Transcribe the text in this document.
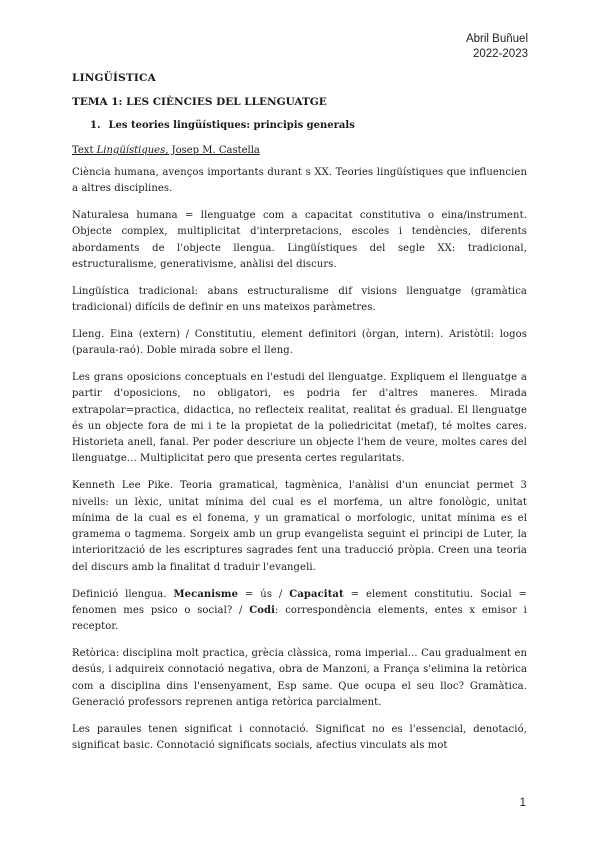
Abril Buñuel
2022-2023
LINGÜÍSTICA
TEMA 1: LES CIÈNCIES DEL LLENGUATGE
1. Les teories lingüístiques: principis generals
Text Lingüístiques, Josep M. Castella

Ciència humana, avenços importants durant s XX. Teories lingüístiques que influencien a altres disciplines.

Naturalesa humana = llenguatge com a capacitat constitutiva o eina/instrument. Objecte complex, multiplicitat d'interpretacions, escoles i tendències, diferents abordaments de l'objecte llengua. Lingüístiques del segle XX: tradicional, estructuralisme, generativisme, anàlisi del discurs.

Lingüística tradicional: abans estructuralisme dif visions llenguatge (gramàtica tradicional) difícils de definir en uns mateixos paràmetres.

Lleng. Eina (extern) / Constitutiu, element definitori (òrgan, intern). Aristòtil: logos (paraula-raó). Doble mirada sobre el lleng.

Les grans oposicions conceptuals en l'estudi del llenguatge. Expliquem el llenguatge a partir d'oposicions, no obligatori, es podria fer d'altres maneres. Mirada extrapolar=practica, didactica, no reflecteix realitat, realitat és gradual. El llenguatge és un objecte fora de mi i te la propietat de la poliedricitat (metaf), té moltes cares. Historieta anell, fanal. Per poder descriure un objecte l'hem de veure, moltes cares del llenguatge... Multiplicitat pero que presenta certes regularitats.

Kenneth Lee Pike. Teoria gramatical, tagmènica, l'anàlisi d'un enunciat permet 3 nivells: un lèxic, unitat mínima del cual es el morfema, un altre fonològic, unitat mínima de la cual es el fonema, y un gramatical o morfologic, unitat mínima es el gramema o tagmema. Sorgeix amb un grup evangelista seguint el principi de Luter, la interiorització de les escriptures sagrades fent una traducció pròpia. Creen una teoria del discurs amb la finalitat d traduir l'evangeli.

Definició llengua. Mecanisme = ús / Capacitat = element constitutiu. Social = fenomen mes psico o social? / Codi: correspondència elements, entes x emisor i receptor.

Retòrica: disciplina molt practica, grècia clàssica, roma imperial... Cau gradualment en desús, i adquireix connotació negativa, obra de Manzoni, a França s'elimina la retòrica com a disciplina dins l'ensenyament, Esp same. Que ocupa el seu lloc? Gramàtica. Generació professors reprenen antiga retòrica parcialment.

Les paraules tenen significat i connotació. Significat no es l'essencial, denotació, significat basic. Connotació significats socials, afectius vinculats als mot

1
